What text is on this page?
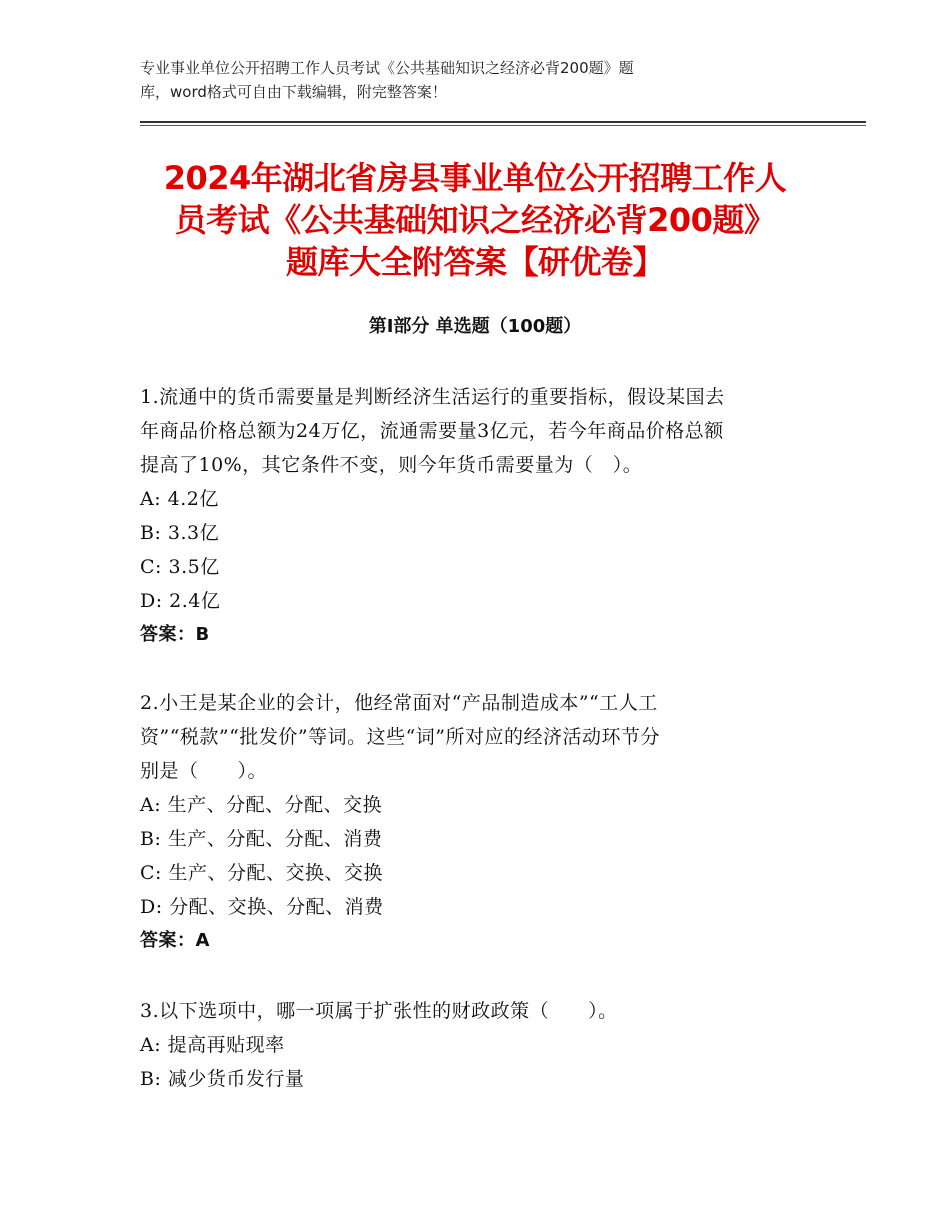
专业事业单位公开招聘工作人员考试《公共基础知识之经济必背200题》题
库，word格式可自由下载编辑，附完整答案！
2024年湖北省房县事业单位公开招聘工作人
员考试《公共基础知识之经济必背200题》
题库大全附答案【研优卷】
第Ⅰ部分 单选题（100题）
1.流通中的货币需要量是判断经济生活运行的重要指标，假设某国去
年商品价格总额为24万亿，流通需要量3亿元，若今年商品价格总额
提高了10%，其它条件不变，则今年货币需要量为（　）。
A: 4.2亿
B: 3.3亿
C: 3.5亿
D: 2.4亿
答案：B
2.小王是某企业的会计，他经常面对“产品制造成本”“工人工
资”“税款”“批发价”等词。这些“词”所对应的经济活动环节分
别是（　　）。
A: 生产、分配、分配、交换
B: 生产、分配、分配、消费
C: 生产、分配、交换、交换
D: 分配、交换、分配、消费
答案：A
3.以下选项中，哪一项属于扩张性的财政政策（　　）。
A: 提高再贴现率
B: 减少货币发行量
